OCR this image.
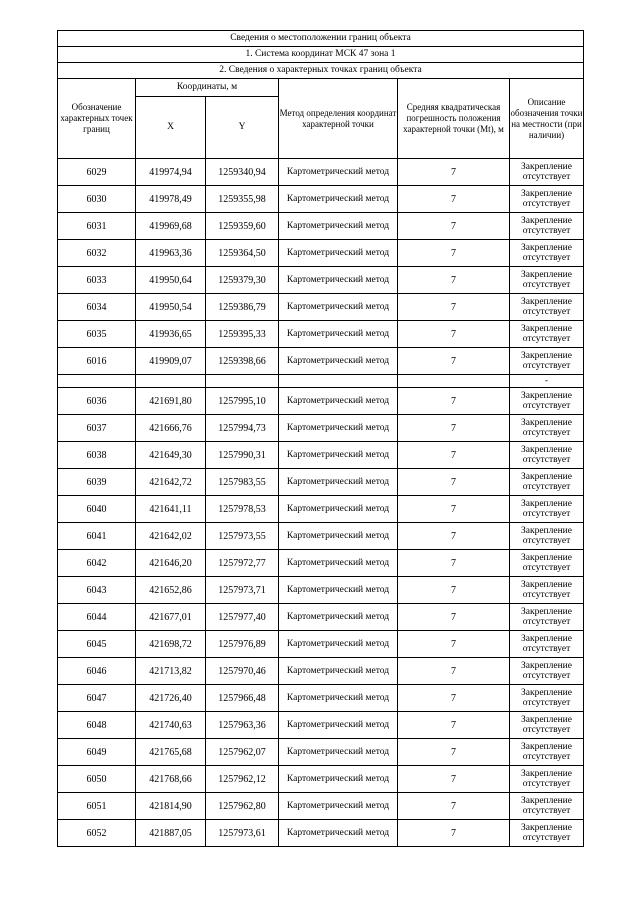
Сведения о местоположении границ объекта					
1. Система координат МСК 47 зона 1					
2. Сведения о характерных точках границ объекта					
Обозначение характерных точек границ	Координаты, м		Метод определения координат характерной точки	Средняя квадратическая погрешность положения характерной точки (Mt), м	Описание обозначения точки на местности (при наличии)
	X	Y			
6029	419974,94	1259340,94	Картометрический метод	7	Закрепление отсутствует
6030	419978,49	1259355,98	Картометрический метод	7	Закрепление отсутствует
6031	419969,68	1259359,60	Картометрический метод	7	Закрепление отсутствует
6032	419963,36	1259364,50	Картометрический метод	7	Закрепление отсутствует
6033	419950,64	1259379,30	Картометрический метод	7	Закрепление отсутствует
6034	419950,54	1259386,79	Картометрический метод	7	Закрепление отсутствует
6035	419936,65	1259395,33	Картометрический метод	7	Закрепление отсутствует
6016	419909,07	1259398,66	Картометрический метод	7	Закрепление отсутствует
					-
6036	421691,80	1257995,10	Картометрический метод	7	Закрепление отсутствует
6037	421666,76	1257994,73	Картометрический метод	7	Закрепление отсутствует
6038	421649,30	1257990,31	Картометрический метод	7	Закрепление отсутствует
6039	421642,72	1257983,55	Картометрический метод	7	Закрепление отсутствует
6040	421641,11	1257978,53	Картометрический метод	7	Закрепление отсутствует
6041	421642,02	1257973,55	Картометрический метод	7	Закрепление отсутствует
6042	421646,20	1257972,77	Картометрический метод	7	Закрепление отсутствует
6043	421652,86	1257973,71	Картометрический метод	7	Закрепление отсутствует
6044	421677,01	1257977,40	Картометрический метод	7	Закрепление отсутствует
6045	421698,72	1257976,89	Картометрический метод	7	Закрепление отсутствует
6046	421713,82	1257970,46	Картометрический метод	7	Закрепление отсутствует
6047	421726,40	1257966,48	Картометрический метод	7	Закрепление отсутствует
6048	421740,63	1257963,36	Картометрический метод	7	Закрепление отсутствует
6049	421765,68	1257962,07	Картометрический метод	7	Закрепление отсутствует
6050	421768,66	1257962,12	Картометрический метод	7	Закрепление отсутствует
6051	421814,90	1257962,80	Картометрический метод	7	Закрепление отсутствует
6052	421887,05	1257973,61	Картометрический метод	7	Закрепление отсутствует
